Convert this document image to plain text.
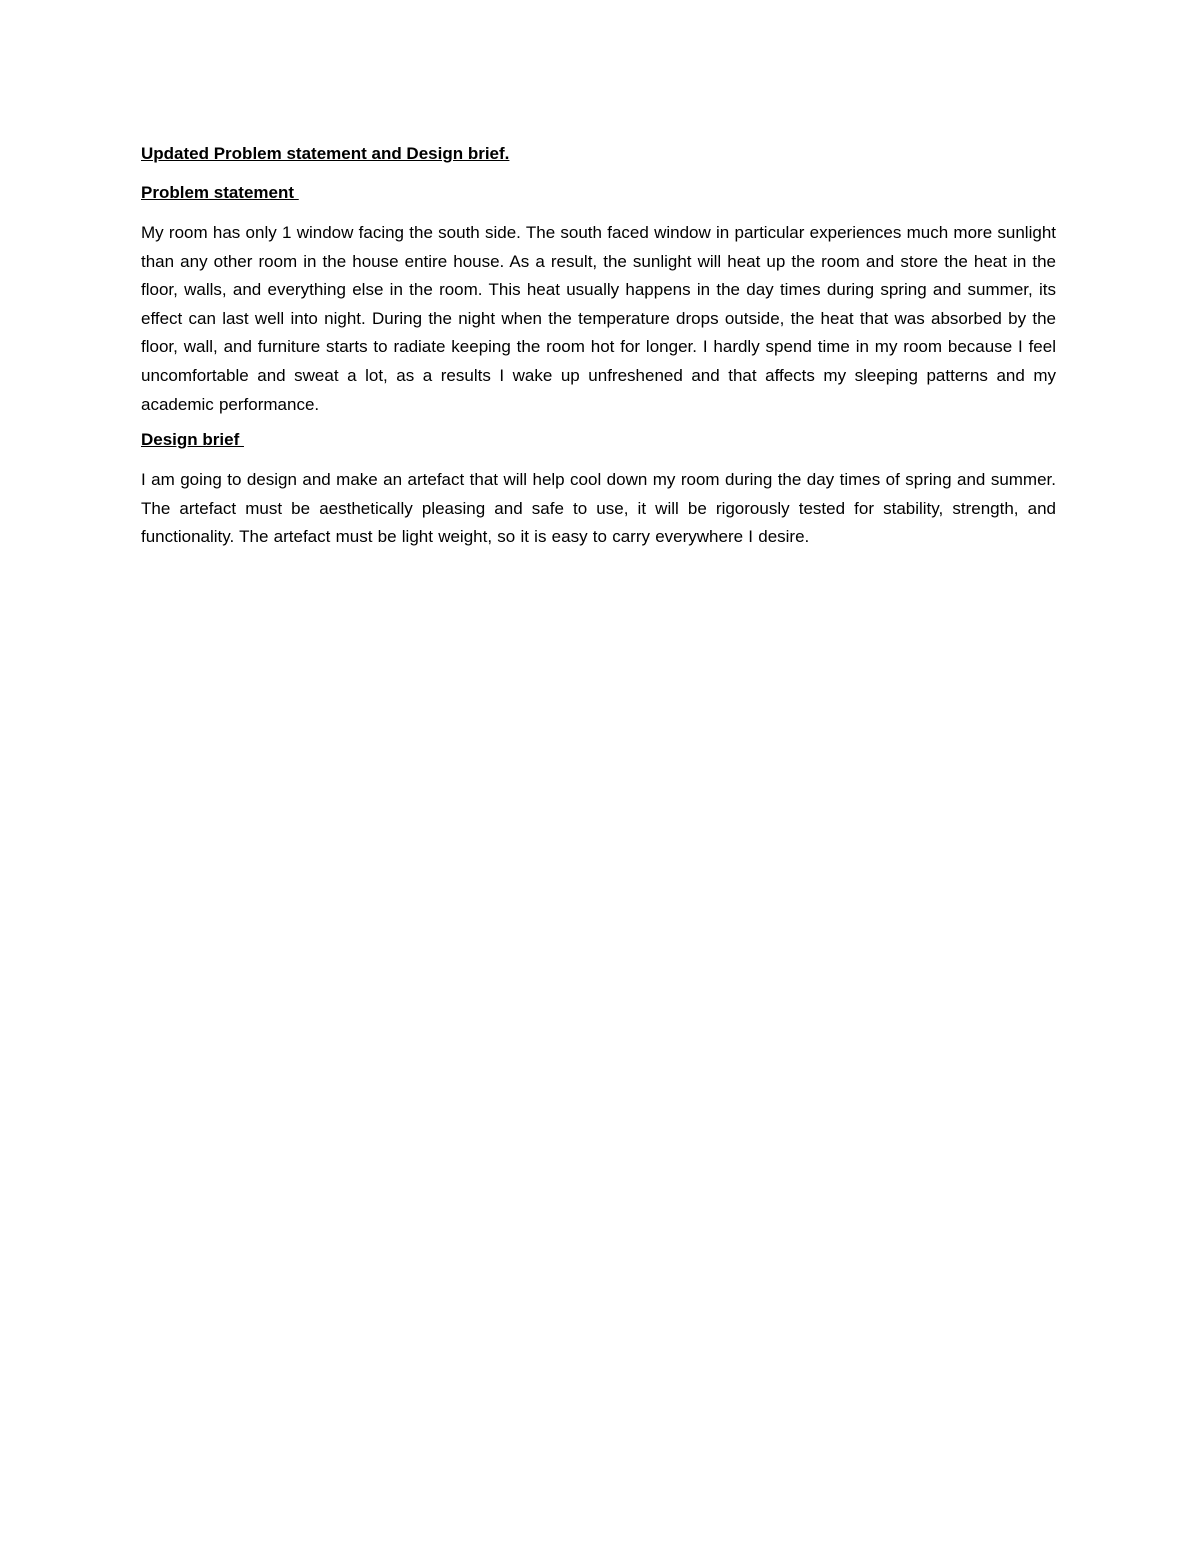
Updated Problem statement and Design brief.

Problem statement

My room has only 1 window facing the south side. The south faced window in particular experiences much more sunlight than any other room in the house entire house. As a result, the sunlight will heat up the room and store the heat in the floor, walls, and everything else in the room. This heat usually happens in the day times during spring and summer, its effect can last well into night. During the night when the temperature drops outside, the heat that was absorbed by the floor, wall, and furniture starts to radiate keeping the room hot for longer. I hardly spend time in my room because I feel uncomfortable and sweat a lot, as a results I wake up unfreshened and that affects my sleeping patterns and my academic performance.

Design brief

I am going to design and make an artefact that will help cool down my room during the day times of spring and summer. The artefact must be aesthetically pleasing and safe to use, it will be rigorously tested for stability, strength, and functionality. The artefact must be light weight, so it is easy to carry everywhere I desire.
